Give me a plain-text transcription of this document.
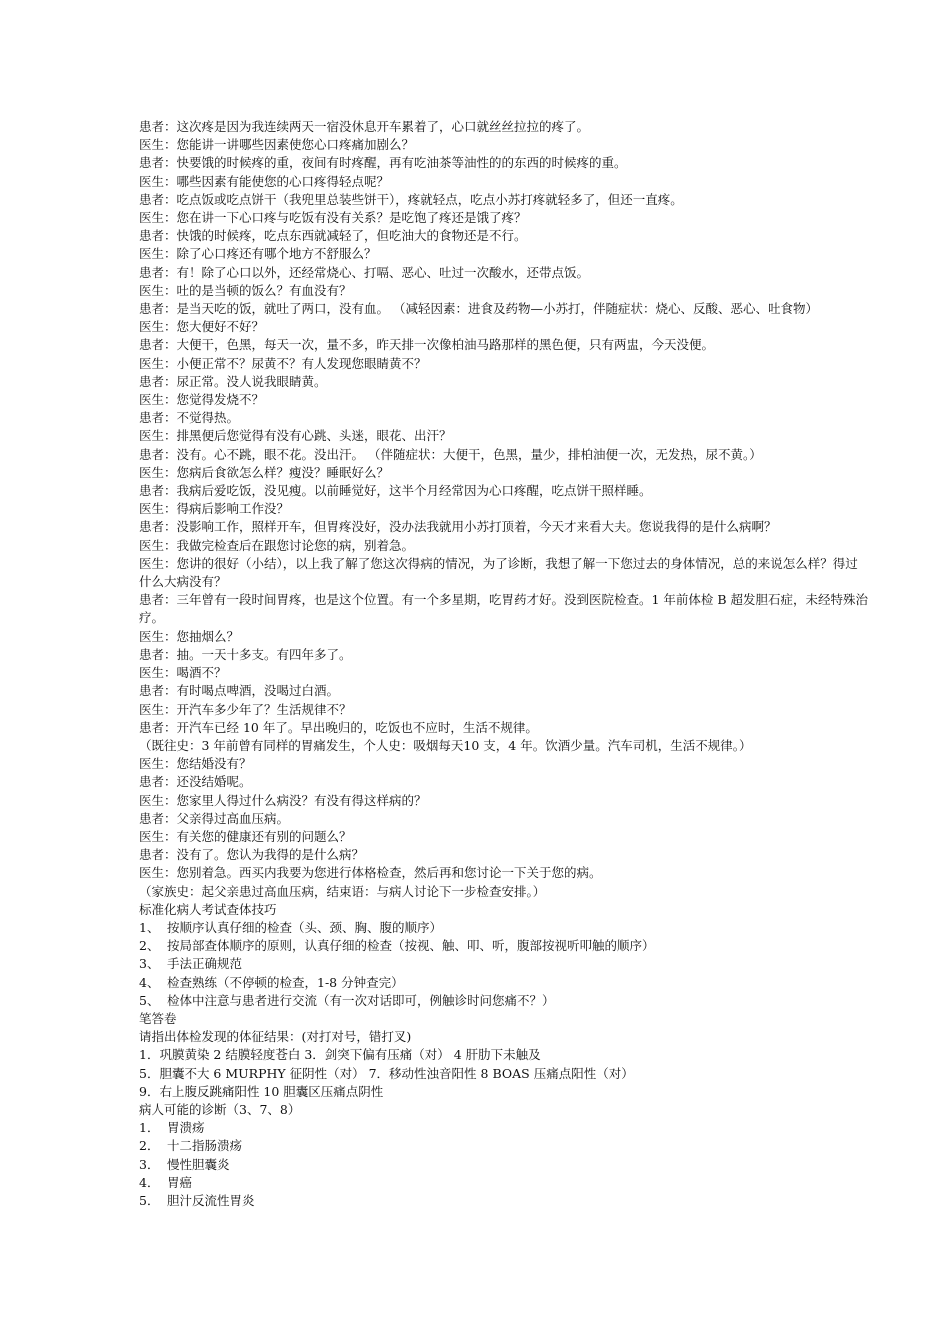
患者：这次疼是因为我连续两天一宿没休息开车累着了，心口就丝丝拉拉的疼了。

医生：您能讲一讲哪些因素使您心口疼痛加剧么？

患者：快要饿的时候疼的重，夜间有时疼醒，再有吃油茶等油性的的东西的时候疼的重。

医生：哪些因素有能使您的心口疼得轻点呢？

患者：吃点饭或吃点饼干（我兜里总装些饼干），疼就轻点，吃点小苏打疼就轻多了，但还一直疼。

医生：您在讲一下心口疼与吃饭有没有关系？是吃饱了疼还是饿了疼？

患者：快饿的时候疼，吃点东西就减轻了，但吃油大的食物还是不行。

医生：除了心口疼还有哪个地方不舒服么？

患者：有！除了心口以外，还经常烧心、打嗝、恶心、吐过一次酸水，还带点饭。

医生：吐的是当顿的饭么？有血没有？

患者：是当天吃的饭，就吐了两口，没有血。 （减轻因素：进食及药物—小苏打，伴随症状：烧心、反酸、恶心、吐食物）

医生：您大便好不好？

患者：大便干，色黑，每天一次，量不多，昨天排一次像柏油马路那样的黑色便，只有两盅，今天没便。

医生：小便正常不？尿黄不？有人发现您眼睛黄不？

患者：尿正常。没人说我眼睛黄。

医生：您觉得发烧不？

患者：不觉得热。

医生：排黑便后您觉得有没有心跳、头迷，眼花、出汗？

患者：没有。心不跳，眼不花。没出汗。 （伴随症状：大便干，色黑，量少，排柏油便一次，无发热，尿不黄。）

医生：您病后食欲怎么样？瘦没？睡眠好么？

患者：我病后爱吃饭，没见瘦。以前睡觉好，这半个月经常因为心口疼醒，吃点饼干照样睡。

医生：得病后影响工作没？

患者：没影响工作，照样开车，但胃疼没好，没办法我就用小苏打顶着，今天才来看大夫。您说我得的是什么病啊？

医生：我做完检查后在跟您讨论您的病，别着急。

医生：您讲的很好（小结），以上我了解了您这次得病的情况，为了诊断，我想了解一下您过去的身体情况，总的来说怎么样？得过什么大病没有？

患者：三年曾有一段时间胃疼，也是这个位置。有一个多星期，吃胃药才好。没到医院检查。1 年前体检 B 超发胆石症，未经特殊治疗。

医生：您抽烟么？

患者：抽。一天十多支。有四年多了。

医生：喝酒不？

患者：有时喝点啤酒，没喝过白酒。

医生：开汽车多少年了？生活规律不？

患者：开汽车已经 10 年了。早出晚归的，吃饭也不应时，生活不规律。

（既往史：3 年前曾有同样的胃痛发生，个人史：吸烟每天10 支，4 年。饮酒少量。汽车司机，生活不规律。）

医生：您结婚没有？

患者：还没结婚呢。

医生：您家里人得过什么病没？有没有得这样病的？

患者：父亲得过高血压病。

医生：有关您的健康还有别的问题么？

患者：没有了。您认为我得的是什么病？

医生：您别着急。西买内我要为您进行体格检查，然后再和您讨论一下关于您的病。

（家族史：起父亲患过高血压病，结束语：与病人讨论下一步检查安排。）

标准化病人考试查体技巧

1、 按顺序认真仔细的检查（头、颈、胸、腹的顺序）
2、 按局部查体顺序的原则，认真仔细的检查（按视、触、叩、听，腹部按视听叩触的顺序）
3、 手法正确规范
4、 检查熟练（不停顿的检查，1-8 分钟查完）
5、 检体中注意与患者进行交流（有一次对话即可，例触诊时问您痛不？）

笔答卷

请指出体检发现的体征结果：(对打对号，错打叉)

1．巩膜黄染 2 结膜轻度苍白 3．剑突下偏有压痛（对） 4 肝肋下未触及

5．胆囊不大 6 MURPHY 征阴性（对） 7．移动性浊音阳性 8 BOAS 压痛点阳性（对）

9．右上腹反跳痛阳性 10 胆囊区压痛点阴性

病人可能的诊断（3、7、8）

1． 胃溃疡
2． 十二指肠溃疡
3． 慢性胆囊炎
4． 胃癌
5． 胆汁反流性胃炎
